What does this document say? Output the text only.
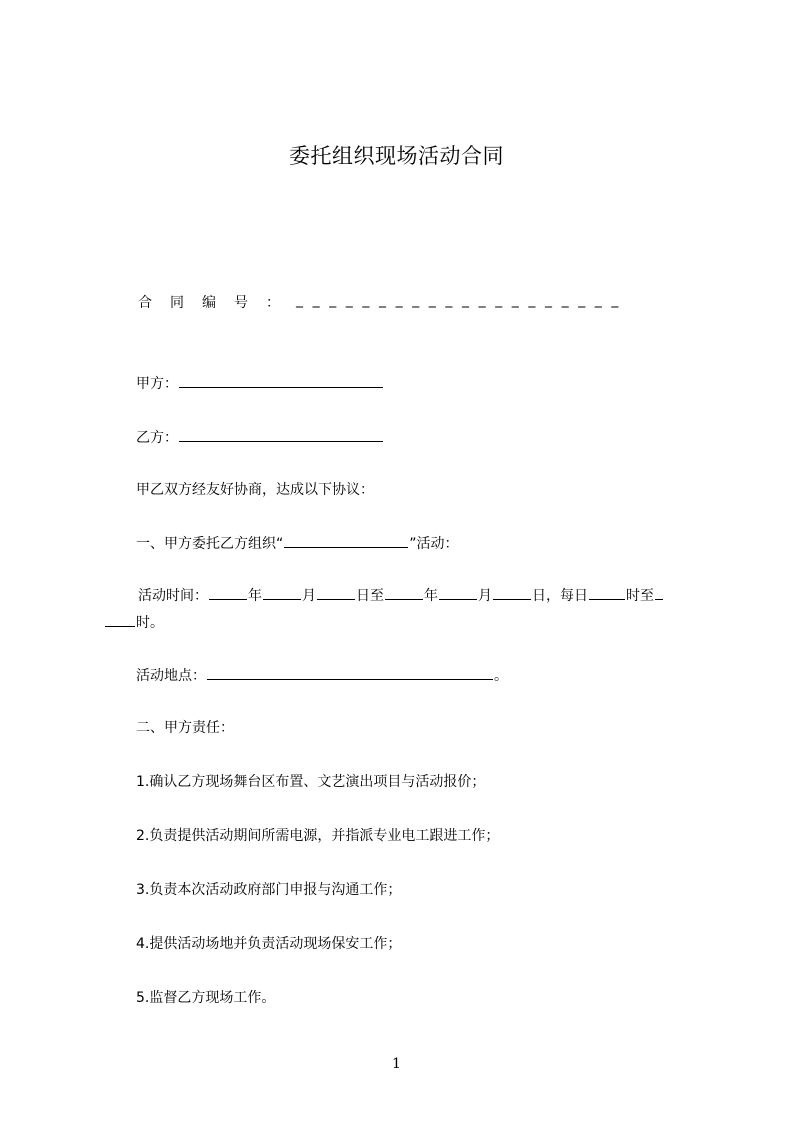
委托组织现场活动合同
合同编号：
____________________
甲方：
乙方：
甲乙双方经友好协商，达成以下协议：
一、甲方委托乙方组织“	”活动：
活动时间：	年	月	日至	年	月	日，每日	时至
时。
活动地点：	。
二、甲方责任：
1.确认乙方现场舞台区布置、文艺演出项目与活动报价；
2.负责提供活动期间所需电源，并指派专业电工跟进工作；
3.负责本次活动政府部门申报与沟通工作；
4.提供活动场地并负责活动现场保安工作；
5.监督乙方现场工作。
1
